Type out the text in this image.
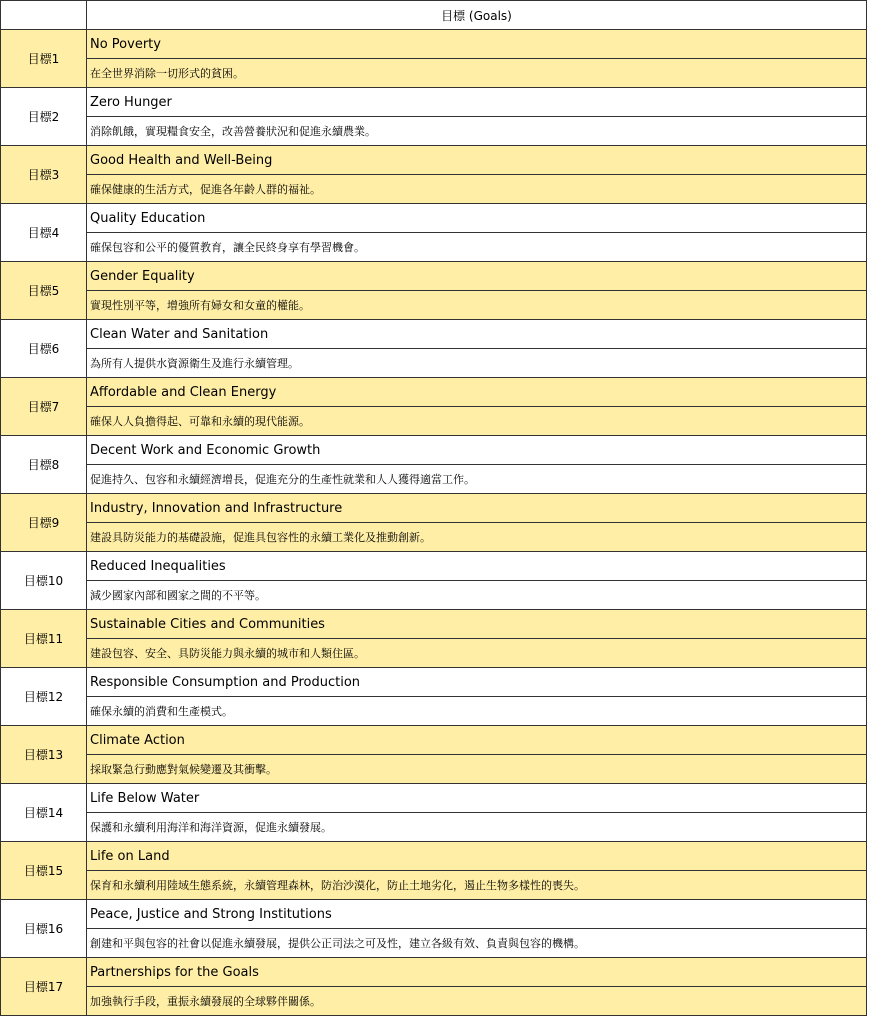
	目標 (Goals)
目標1	No Poverty
	在全世界消除一切形式的貧困。
目標2	Zero Hunger
	消除飢餓，實現糧食安全，改善營養狀況和促進永續農業。
目標3	Good Health and Well-Being
	確保健康的生活方式，促進各年齡人群的福祉。
目標4	Quality Education
	確保包容和公平的優質教育，讓全民終身享有學習機會。
目標5	Gender Equality
	實現性別平等，增強所有婦女和女童的權能。
目標6	Clean Water and Sanitation
	為所有人提供水資源衛生及進行永續管理。
目標7	Affordable and Clean Energy
	確保人人負擔得起、可靠和永續的現代能源。
目標8	Decent Work and Economic Growth
	促進持久、包容和永續經濟增長，促進充分的生產性就業和人人獲得適當工作。
目標9	Industry, Innovation and Infrastructure
	建設具防災能力的基礎設施，促進具包容性的永續工業化及推動創新。
目標10	Reduced Inequalities
	減少國家內部和國家之間的不平等。
目標11	Sustainable Cities and Communities
	建設包容、安全、具防災能力與永續的城市和人類住區。
目標12	Responsible Consumption and Production
	確保永續的消費和生產模式。
目標13	Climate Action
	採取緊急行動應對氣候變遷及其衝擊。
目標14	Life Below Water
	保護和永續利用海洋和海洋資源，促進永續發展。
目標15	Life on Land
	保育和永續利用陸域生態系統，永續管理森林，防治沙漠化，防止土地劣化，遏止生物多樣性的喪失。
目標16	Peace, Justice and Strong Institutions
	創建和平與包容的社會以促進永續發展，提供公正司法之可及性，建立各級有效、負責與包容的機構。
目標17	Partnerships for the Goals
	加強執行手段，重振永續發展的全球夥伴關係。
